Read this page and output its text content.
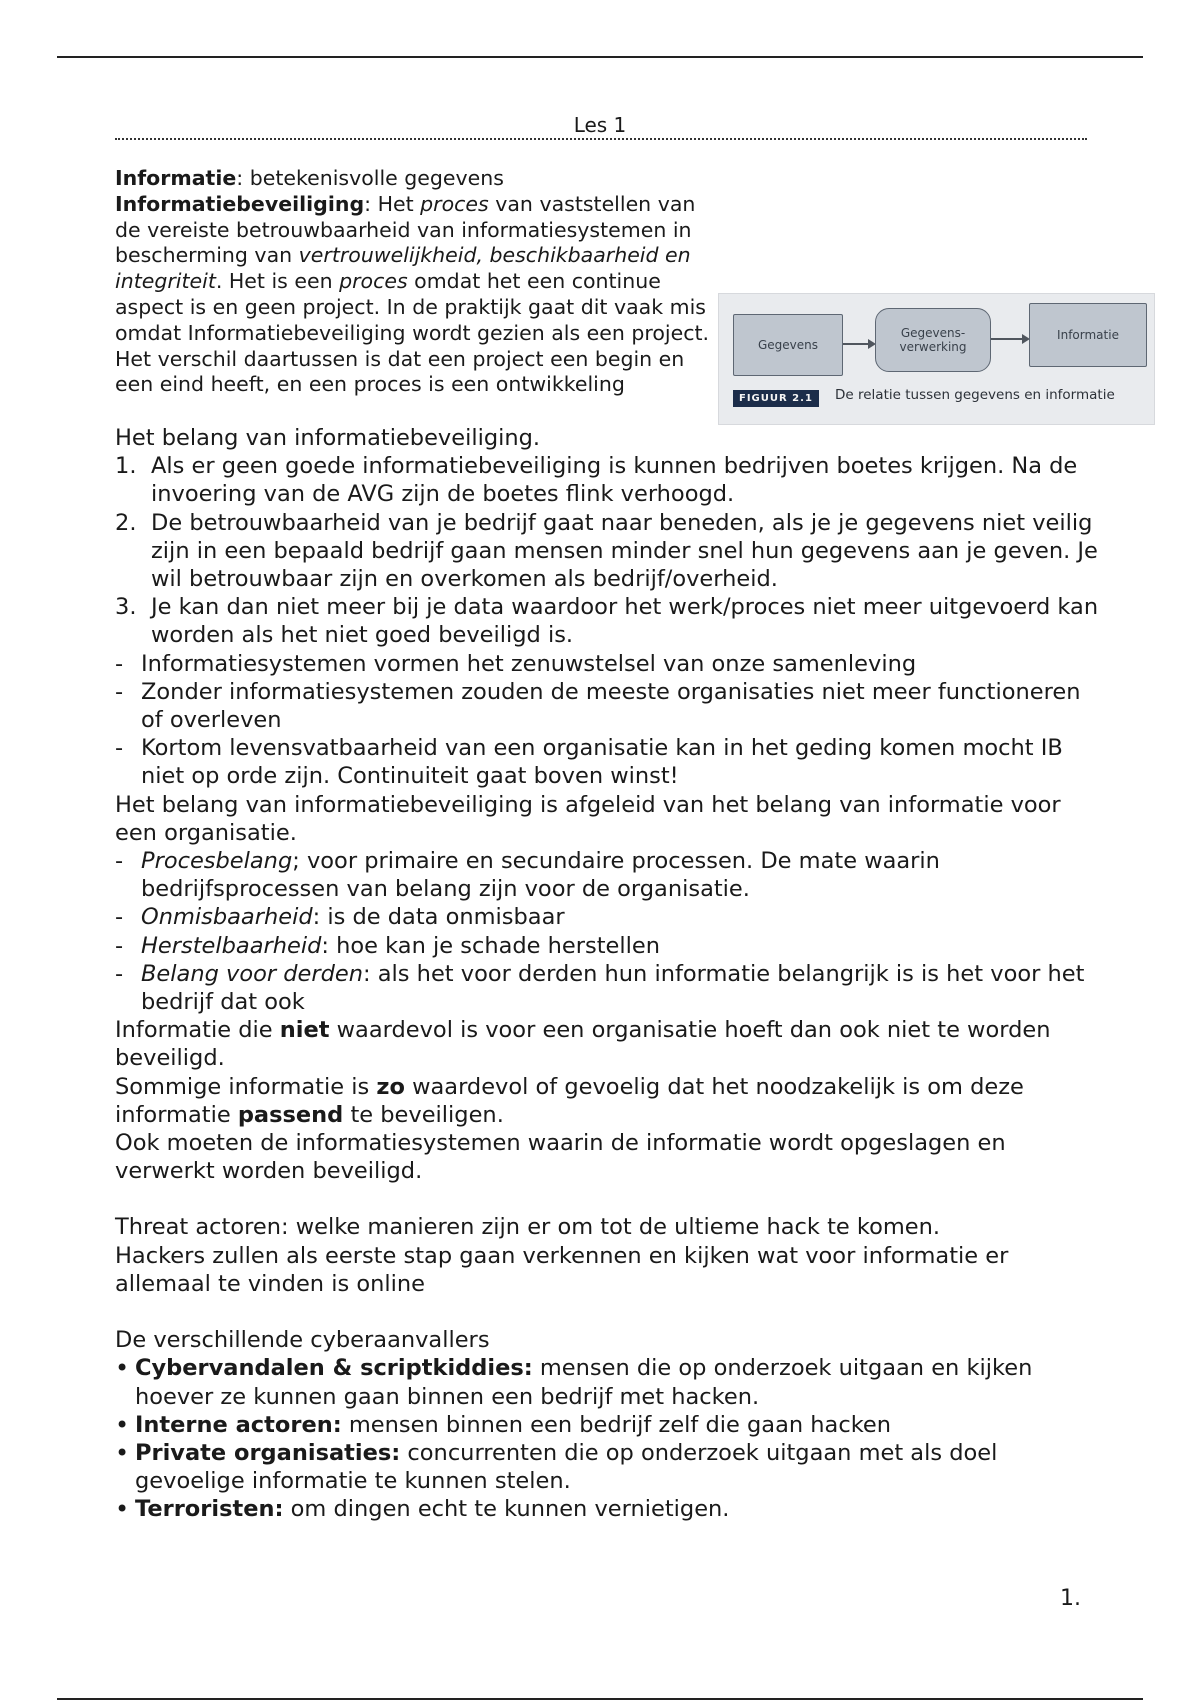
Les 1

Informatie: betekenisvolle gegevens

Informatiebeveiliging: Het proces van vaststellen van de vereiste betrouwbaarheid van informatiesystemen in bescherming van vertrouwelijkheid, beschikbaarheid en integriteit. Het is een proces omdat het een continue aspect is en geen project. In de praktijk gaat dit vaak mis omdat Informatiebeveiliging wordt gezien als een project. Het verschil daartussen is dat een project een begin en een eind heeft, en een proces is een ontwikkeling

Gegevens
Gegevens-
verwerking
Informatie
FIGUUR 2.1	De relatie tussen gegevens en informatie

Het belang van informatiebeveiliging.

1. Als er geen goede informatiebeveiliging is kunnen bedrijven boetes krijgen. Na de invoering van de AVG zijn de boetes flink verhoogd.
2. De betrouwbaarheid van je bedrijf gaat naar beneden, als je je gegevens niet veilig zijn in een bepaald bedrijf gaan mensen minder snel hun gegevens aan je geven. Je wil betrouwbaar zijn en overkomen als bedrijf/overheid.
3. Je kan dan niet meer bij je data waardoor het werk/proces niet meer uitgevoerd kan worden als het niet goed beveiligd is.
- Informatiesystemen vormen het zenuwstelsel van onze samenleving
- Zonder informatiesystemen zouden de meeste organisaties niet meer functioneren of overleven
- Kortom levensvatbaarheid van een organisatie kan in het geding komen mocht IB niet op orde zijn. Continuiteit gaat boven winst!

Het belang van informatiebeveiliging is afgeleid van het belang van informatie voor een organisatie.

- Procesbelang; voor primaire en secundaire processen. De mate waarin bedrijfsprocessen van belang zijn voor de organisatie.
- Onmisbaarheid: is de data onmisbaar
- Herstelbaarheid: hoe kan je schade herstellen
- Belang voor derden: als het voor derden hun informatie belangrijk is is het voor het bedrijf dat ook

Informatie die niet waardevol is voor een organisatie hoeft dan ook niet te worden beveiligd.

Sommige informatie is zo waardevol of gevoelig dat het noodzakelijk is om deze informatie passend te beveiligen.

Ook moeten de informatiesystemen waarin de informatie wordt opgeslagen en verwerkt worden beveiligd.

Threat actoren: welke manieren zijn er om tot de ultieme hack te komen.

Hackers zullen als eerste stap gaan verkennen en kijken wat voor informatie er allemaal te vinden is online

De verschillende cyberaanvallers

• Cybervandalen & scriptkiddies: mensen die op onderzoek uitgaan en kijken hoever ze kunnen gaan binnen een bedrijf met hacken.
• Interne actoren: mensen binnen een bedrijf zelf die gaan hacken
• Private organisaties: concurrenten die op onderzoek uitgaan met als doel gevoelige informatie te kunnen stelen.
• Terroristen: om dingen echt te kunnen vernietigen.
1.
